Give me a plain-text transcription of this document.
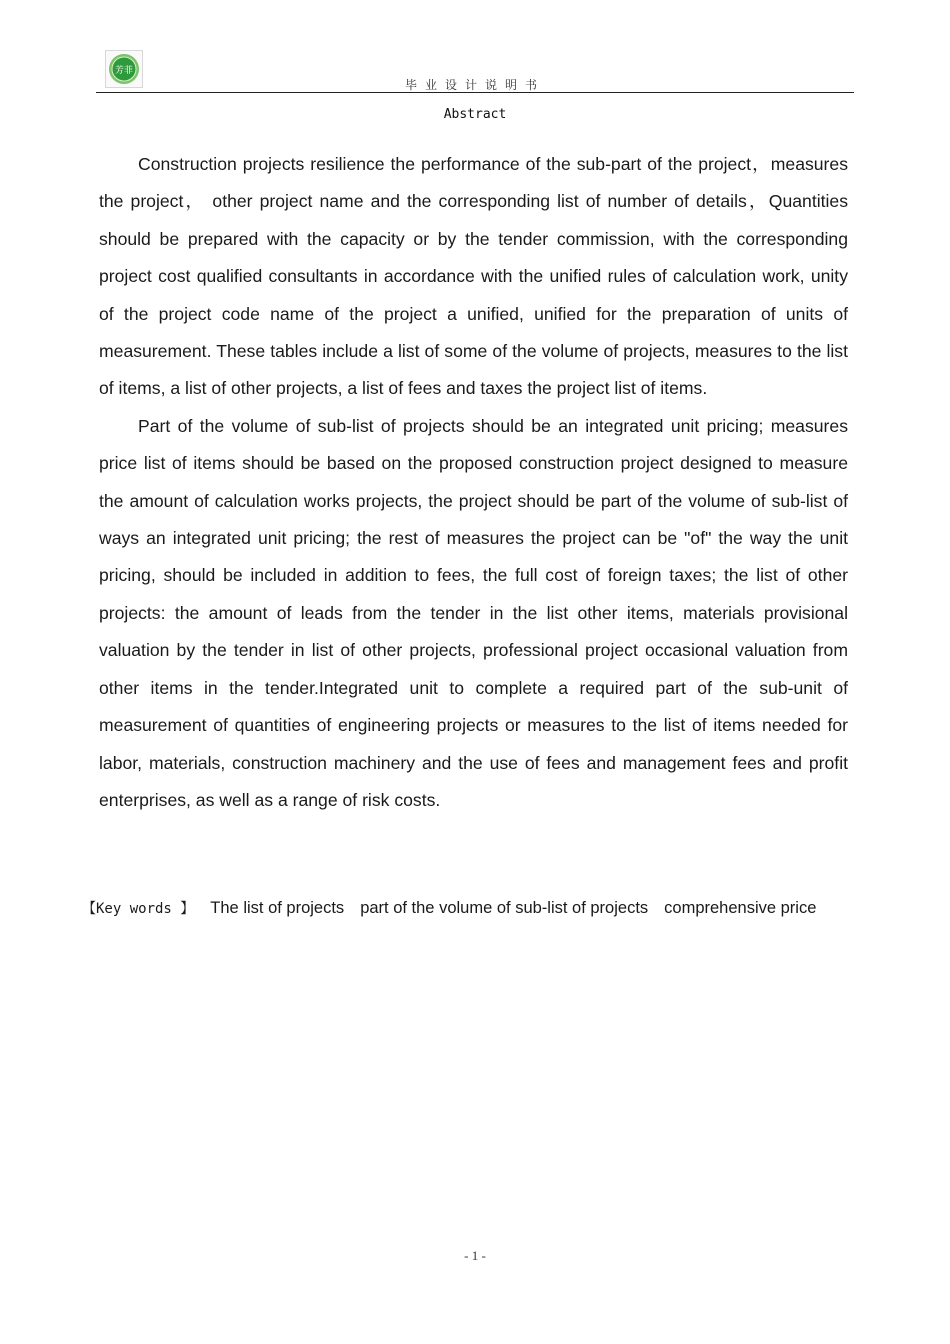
芳菲
毕业设计说明书
Abstract

Construction projects resilience the performance of the sub-part of the project，measures the project， other project name and the corresponding list of number of details，Quantities should be prepared with the capacity or by the tender commission, with the corresponding project cost qualified consultants in accordance with the unified rules of calculation work, unity of the project code name of the project a unified, unified for the preparation of units of measurement. These tables include a list of some of the volume of projects, measures to the list of items, a list of other projects, a list of fees and taxes the project list of items.

Part of the volume of sub-list of projects should be an integrated unit pricing; measures price list of items should be based on the proposed construction project designed to measure the amount of calculation works projects, the project should be part of the volume of sub-list of ways an integrated unit pricing; the rest of measures the project can be "of" the way the unit pricing, should be included in addition to fees, the full cost of foreign taxes; the list of other projects: the amount of leads from the tender in the list other items, materials provisional valuation by the tender in list of other projects, professional project occasional valuation from other items in the tender.Integrated unit to complete a required part of the sub-unit of measurement of quantities of engineering projects or measures to the list of items needed for labor, materials, construction machinery and the use of fees and management fees and profit enterprises, as well as a range of risk costs.

【Key words 】 The list of projects part of the volume of sub-list of projects comprehensive price
- 1 -
